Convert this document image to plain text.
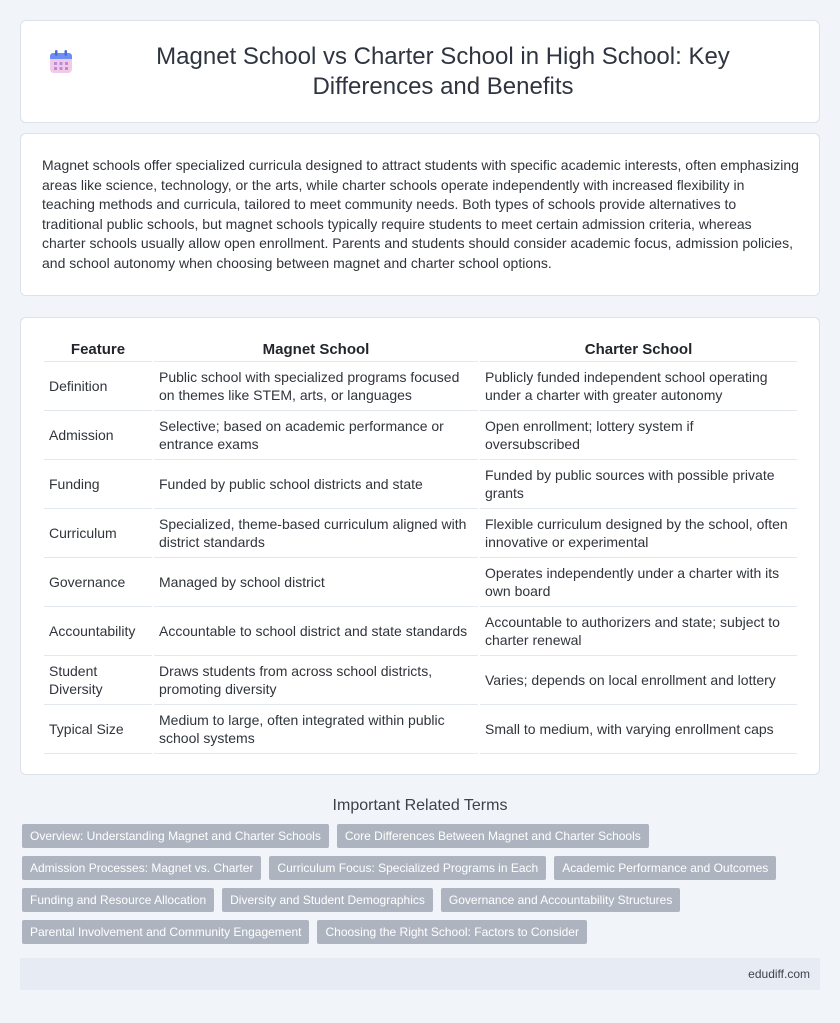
Magnet School vs Charter School in High School: Key Differences and Benefits

Magnet schools offer specialized curricula designed to attract students with specific academic interests, often emphasizing areas like science, technology, or the arts, while charter schools operate independently with increased flexibility in teaching methods and curricula, tailored to meet community needs. Both types of schools provide alternatives to traditional public schools, but magnet schools typically require students to meet certain admission criteria, whereas charter schools usually allow open enrollment. Parents and students should consider academic focus, admission policies, and school autonomy when choosing between magnet and charter school options.

Feature	Magnet School	Charter School
Definition	Public school with specialized programs focused on themes like STEM, arts, or languages	Publicly funded independent school operating under a charter with greater autonomy
Admission	Selective; based on academic performance or entrance exams	Open enrollment; lottery system if oversubscribed
Funding	Funded by public school districts and state	Funded by public sources with possible private grants
Curriculum	Specialized, theme-based curriculum aligned with district standards	Flexible curriculum designed by the school, often innovative or experimental
Governance	Managed by school district	Operates independently under a charter with its own board
Accountability	Accountable to school district and state standards	Accountable to authorizers and state; subject to charter renewal
Student Diversity	Draws students from across school districts, promoting diversity	Varies; depends on local enrollment and lottery
Typical Size	Medium to large, often integrated within public school systems	Small to medium, with varying enrollment caps
Important Related Terms
Overview: Understanding Magnet and Charter Schools	Core Differences Between Magnet and Charter Schools
Admission Processes: Magnet vs. Charter	Curriculum Focus: Specialized Programs in Each	Academic Performance and Outcomes
Funding and Resource Allocation	Diversity and Student Demographics	Governance and Accountability Structures
Parental Involvement and Community Engagement	Choosing the Right School: Factors to Consider
edudiff.com
